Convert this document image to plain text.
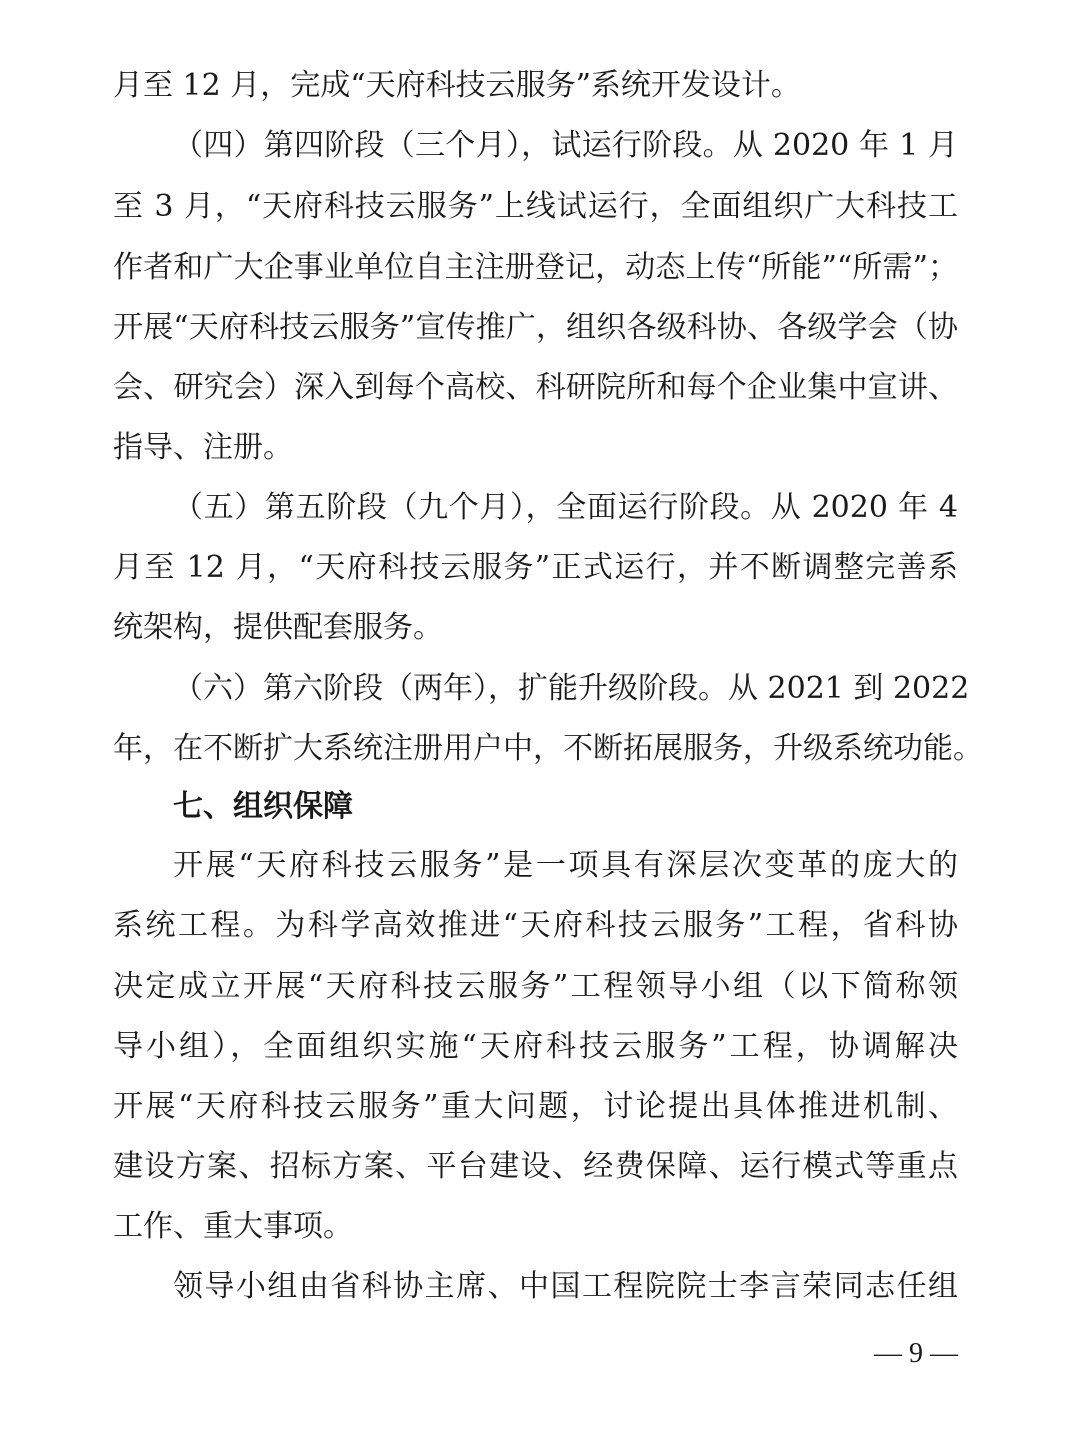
月至 12 月，完成“天府科技云服务”系统开发设计。
（四）第四阶段（三个月），试运行阶段。从 2020 年 1 月
至 3 月，“天府科技云服务”上线试运行，全面组织广大科技工
作者和广大企事业单位自主注册登记，动态上传“所能”“所需”；
开展“天府科技云服务”宣传推广，组织各级科协、各级学会（协
会、研究会）深入到每个高校、科研院所和每个企业集中宣讲、
指导、注册。
（五）第五阶段（九个月），全面运行阶段。从 2020 年 4
月至 12 月，“天府科技云服务”正式运行，并不断调整完善系
统架构，提供配套服务。
（六）第六阶段（两年），扩能升级阶段。从 2021 到 2022
年，在不断扩大系统注册用户中，不断拓展服务，升级系统功能。
七、组织保障
开展“天府科技云服务”是一项具有深层次变革的庞大的
系统工程。为科学高效推进“天府科技云服务”工程，省科协
决定成立开展“天府科技云服务”工程领导小组（以下简称领
导小组），全面组织实施“天府科技云服务”工程，协调解决
开展“天府科技云服务”重大问题，讨论提出具体推进机制、
建设方案、招标方案、平台建设、经费保障、运行模式等重点
工作、重大事项。
领导小组由省科协主席、中国工程院院士李言荣同志任组
— 9 —
